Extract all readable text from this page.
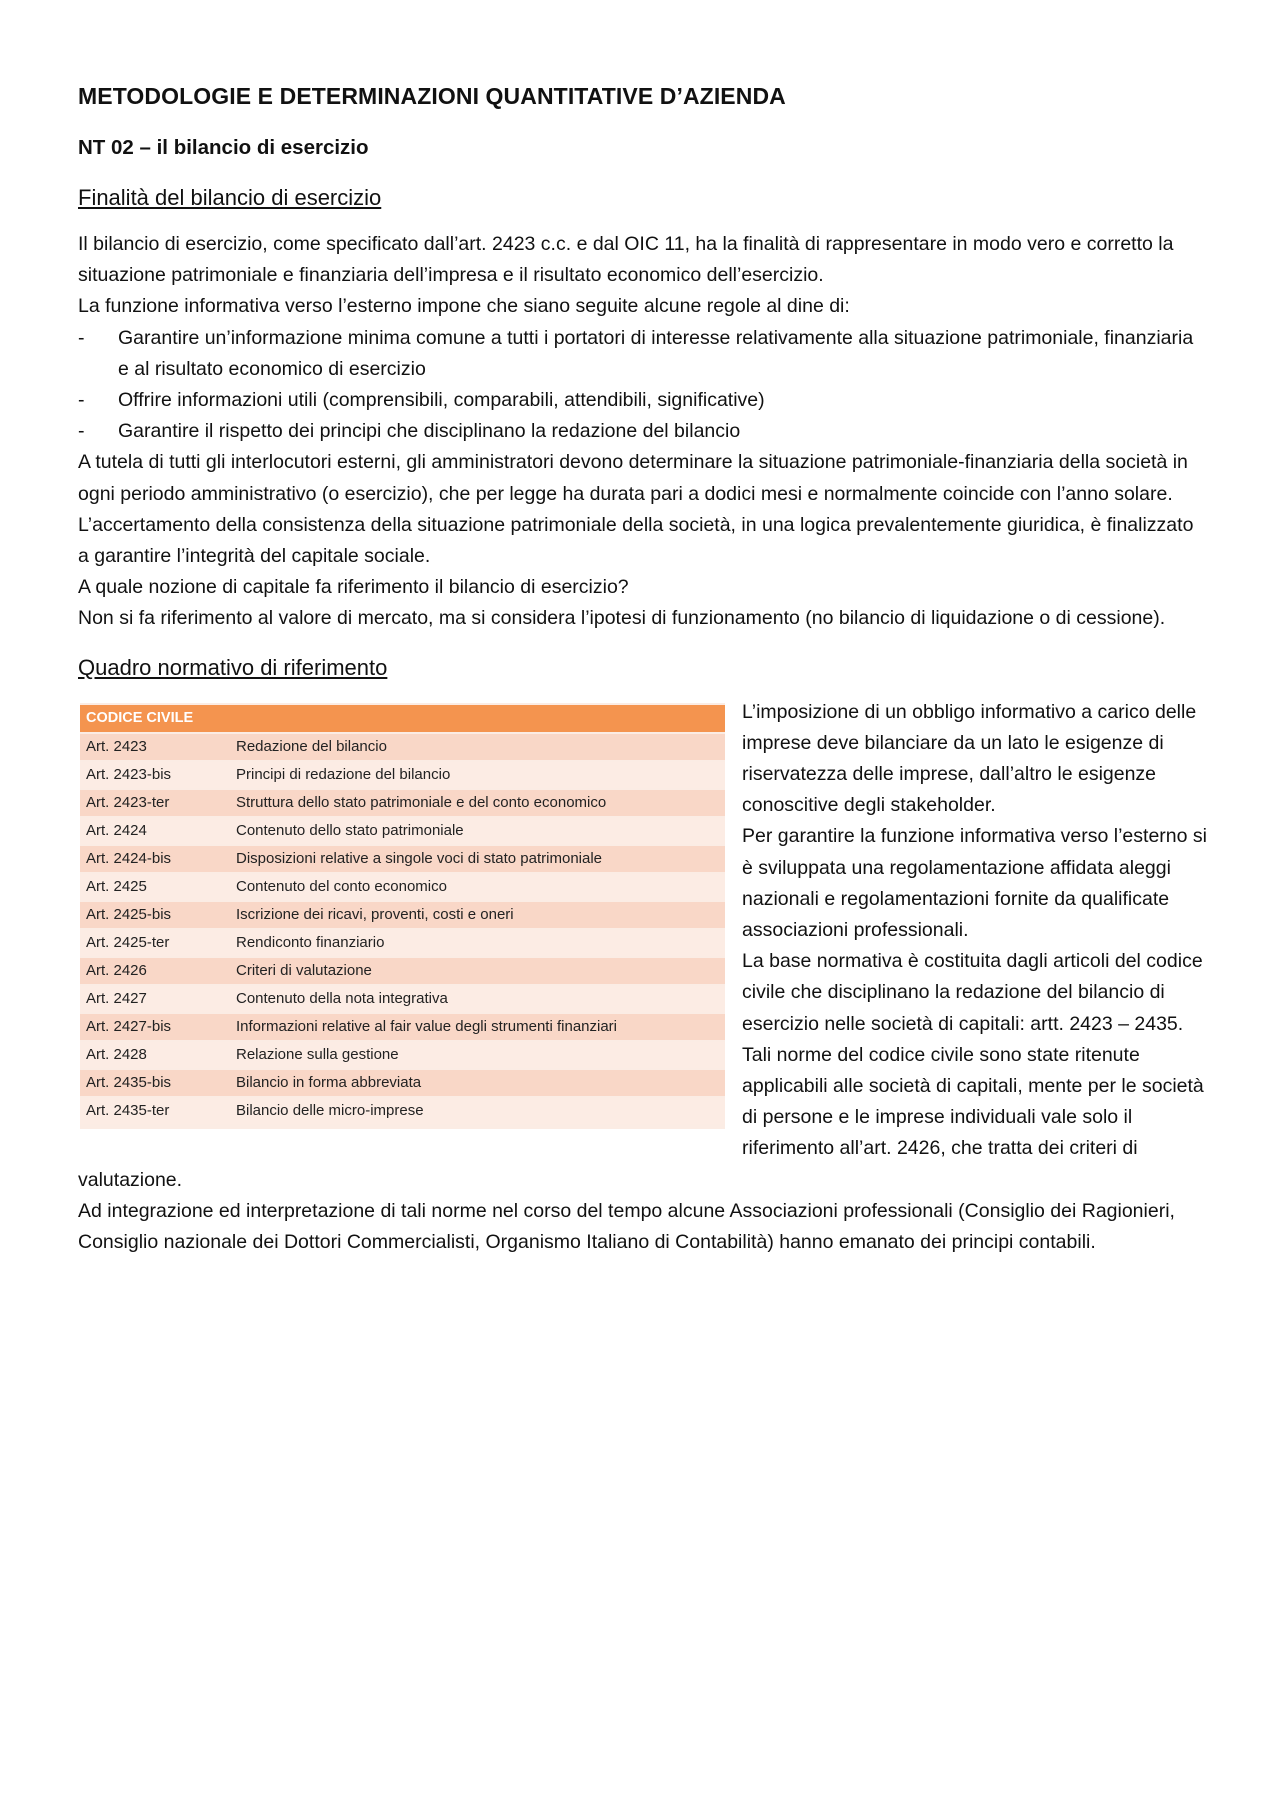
METODOLOGIE E DETERMINAZIONI QUANTITATIVE D’AZIENDA
NT 02 – il bilancio di esercizio
Finalità del bilancio di esercizio

Il bilancio di esercizio, come specificato dall’art. 2423 c.c. e dal OIC 11, ha la finalità di rappresentare in modo vero e corretto la situazione patrimoniale e finanziaria dell’impresa e il risultato economico dell’esercizio.

La funzione informativa verso l’esterno impone che siano seguite alcune regole al dine di:

- Garantire un’informazione minima comune a tutti i portatori di interesse relativamente alla situazione patrimoniale, finanziaria e al risultato economico di esercizio
- Offrire informazioni utili (comprensibili, comparabili, attendibili, significative)
- Garantire il rispetto dei principi che disciplinano la redazione del bilancio

A tutela di tutti gli interlocutori esterni, gli amministratori devono determinare la situazione patrimoniale-finanziaria della società in ogni periodo amministrativo (o esercizio), che per legge ha durata pari a dodici mesi e normalmente coincide con l’anno solare.

L’accertamento della consistenza della situazione patrimoniale della società, in una logica prevalentemente giuridica, è finalizzato a garantire l’integrità del capitale sociale.

A quale nozione di capitale fa riferimento il bilancio di esercizio?

Non si fa riferimento al valore di mercato, ma si considera l’ipotesi di funzionamento (no bilancio di liquidazione o di cessione).

Quadro normativo di riferimento
CODICE CIVILE	
Art. 2423	Redazione del bilancio
Art. 2423-bis	Principi di redazione del bilancio
Art. 2423-ter	Struttura dello stato patrimoniale e del conto economico
Art. 2424	Contenuto dello stato patrimoniale
Art. 2424-bis	Disposizioni relative a singole voci di stato patrimoniale
Art. 2425	Contenuto del conto economico
Art. 2425-bis	Iscrizione dei ricavi, proventi, costi e oneri
Art. 2425-ter	Rendiconto finanziario
Art. 2426	Criteri di valutazione
Art. 2427	Contenuto della nota integrativa
Art. 2427-bis	Informazioni relative al fair value degli strumenti finanziari
Art. 2428	Relazione sulla gestione
Art. 2435-bis	Bilancio in forma abbreviata
Art. 2435-ter	Bilancio delle micro-imprese
L’imposizione di un obbligo informativo a carico delle imprese deve bilanciare da un lato le esigenze di riservatezza delle imprese, dall’altro le esigenze conoscitive degli stakeholder.
Per garantire la funzione informativa verso l’esterno si è sviluppata una regolamentazione affidata aleggi nazionali e regolamentazioni fornite da qualificate associazioni professionali.
La base normativa è costituita dagli articoli del codice civile che disciplinano la redazione del bilancio di esercizio nelle società di capitali: artt. 2423 – 2435.
Tali norme del codice civile sono state ritenute applicabili alle società di capitali, mente per le società di persone e le imprese individuali vale solo il riferimento all’art. 2426, che tratta dei criteri di valutazione.
Ad integrazione ed interpretazione di tali norme nel corso del tempo alcune Associazioni professionali (Consiglio dei Ragionieri, Consiglio nazionale dei Dottori Commercialisti, Organismo Italiano di Contabilità) hanno emanato dei principi contabili.
